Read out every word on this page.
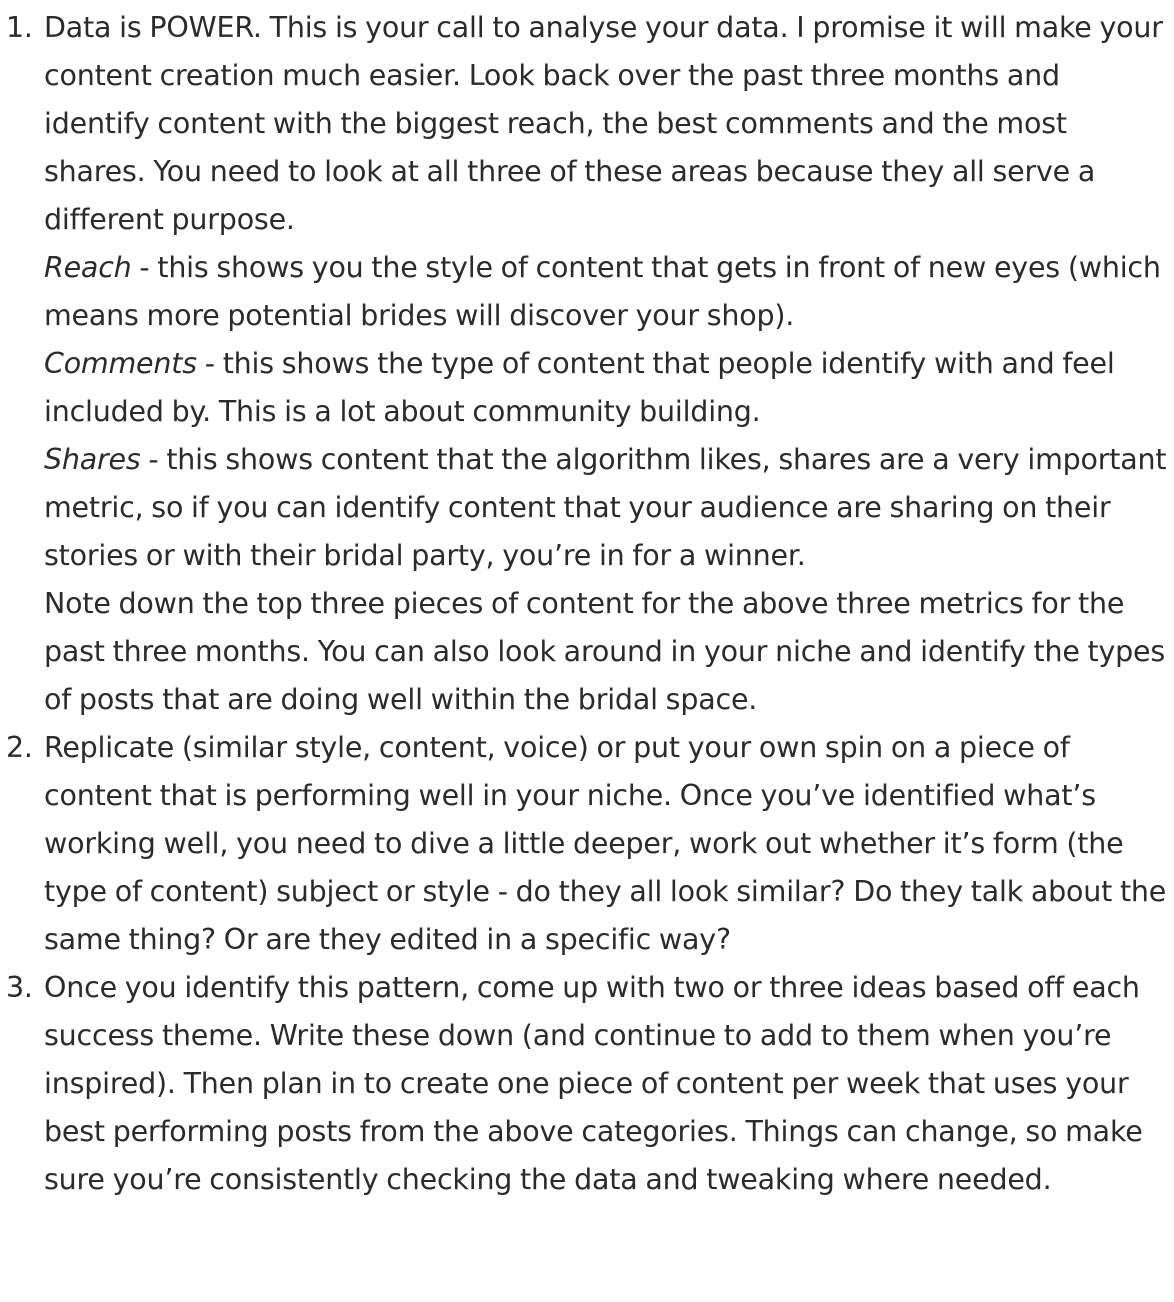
1. Data is POWER. This is your call to analyse your data. I promise it will make your content creation much easier. Look back over the past three months and identify content with the biggest reach, the best comments and the most shares. You need to look at all three of these areas because they all serve a different purpose.
Reach - this shows you the style of content that gets in front of new eyes (which means more potential brides will discover your shop).
Comments - this shows the type of content that people identify with and feel included by. This is a lot about community building.
Shares - this shows content that the algorithm likes, shares are a very important metric, so if you can identify content that your audience are sharing on their stories or with their bridal party, you’re in for a winner.
Note down the top three pieces of content for the above three metrics for the past three months. You can also look around in your niche and identify the types of posts that are doing well within the bridal space.
2. Replicate (similar style, content, voice) or put your own spin on a piece of content that is performing well in your niche. Once you’ve identified what’s working well, you need to dive a little deeper, work out whether it’s form (the type of content) subject or style - do they all look similar? Do they talk about the same thing? Or are they edited in a specific way?
3. Once you identify this pattern, come up with two or three ideas based off each success theme. Write these down (and continue to add to them when you’re inspired). Then plan in to create one piece of content per week that uses your best performing posts from the above categories. Things can change, so make sure you’re consistently checking the data and tweaking where needed.
